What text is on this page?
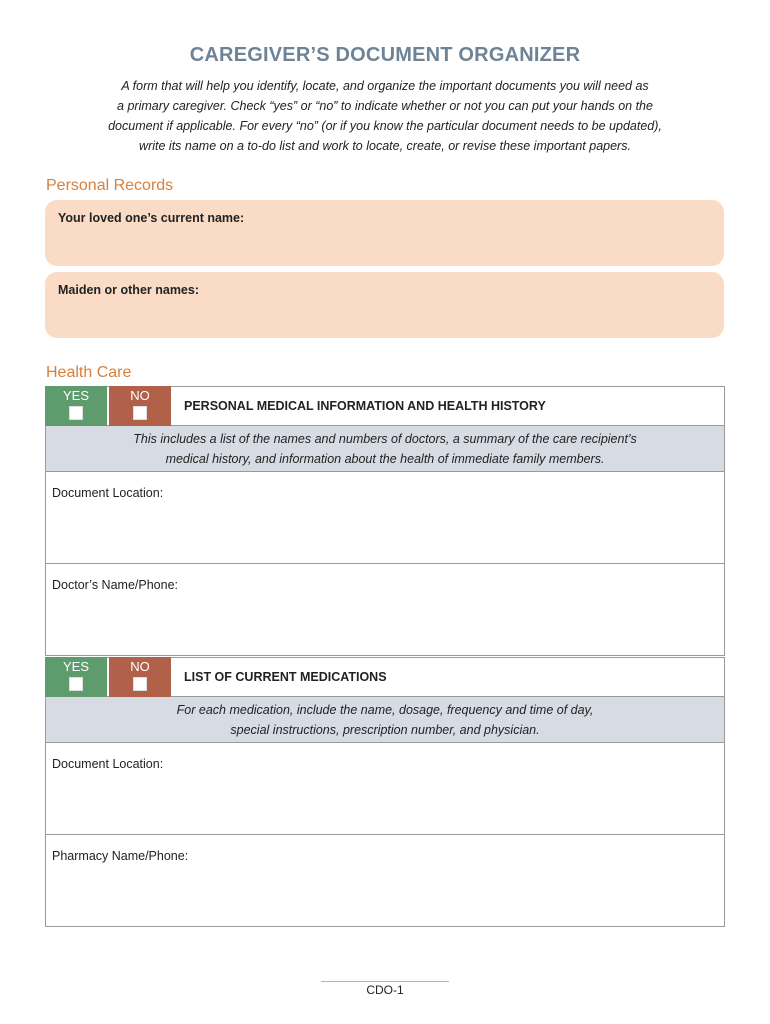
CAREGIVER’S DOCUMENT ORGANIZER
A form that will help you identify, locate, and organize the important documents you will need as
a primary caregiver. Check “yes” or “no” to indicate whether or not you can put your hands on the
document if applicable. For every “no” (or if you know the particular document needs to be updated),
write its name on a to-do list and work to locate, create, or revise these important papers.
Personal Records
Your loved one’s current name:
Maiden or other names:
Health Care
YES	NO
PERSONAL MEDICAL INFORMATION AND HEALTH HISTORY
This includes a list of the names and numbers of doctors, a summary of the care recipient’s
medical history, and information about the health of immediate family members.
Document Location:
Doctor’s Name/Phone:
YES	NO
LIST OF CURRENT MEDICATIONS
For each medication, include the name, dosage, frequency and time of day,
special instructions, prescription number, and physician.
Document Location:
Pharmacy Name/Phone:
CDO-1
